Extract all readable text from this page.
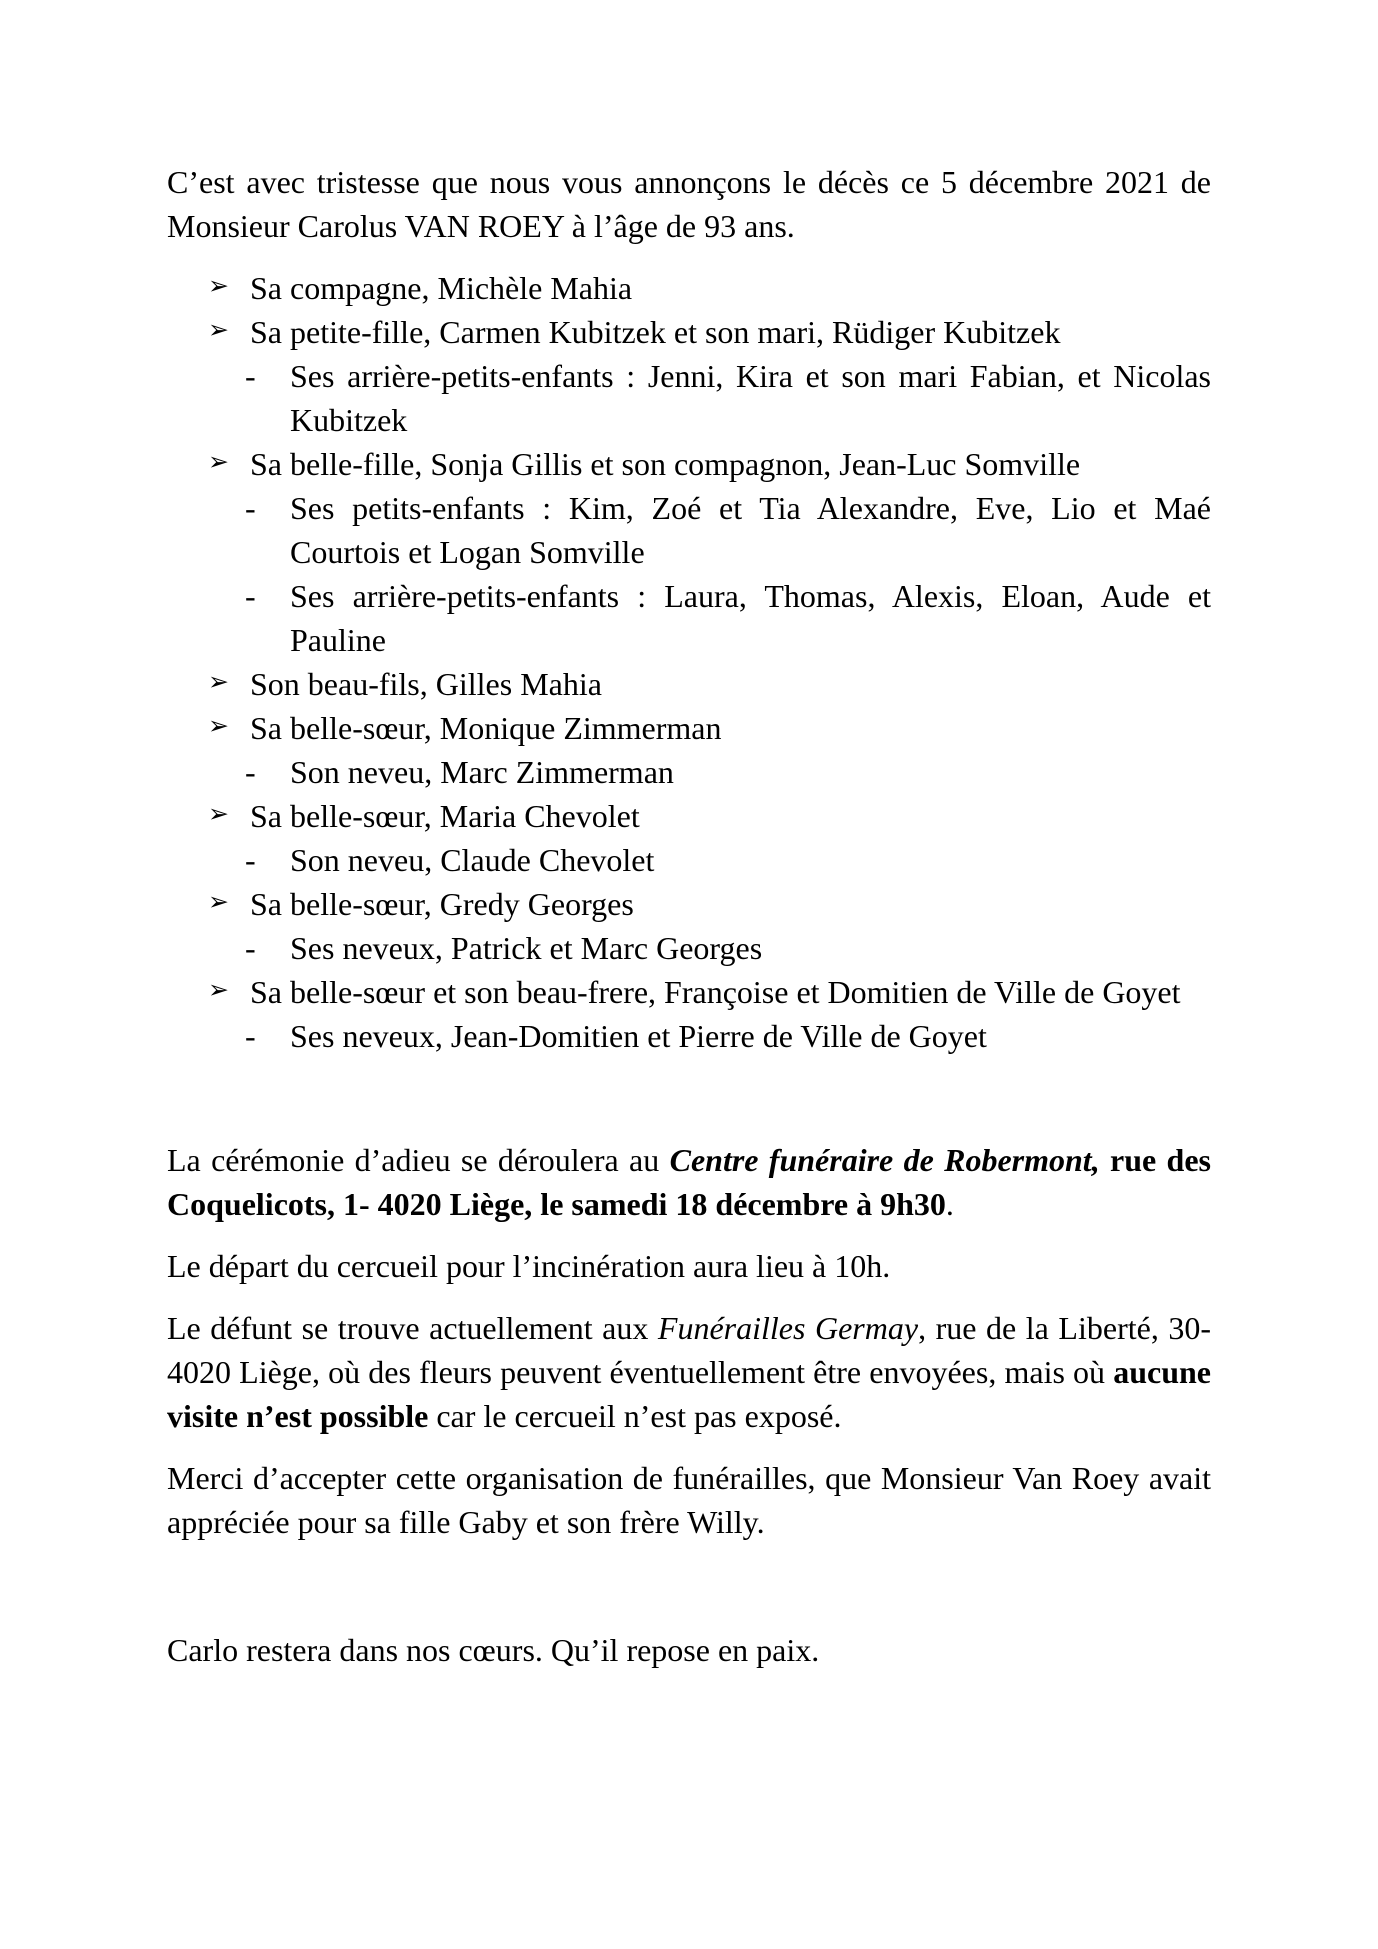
C’est avec tristesse que nous vous annonçons le décès ce 5 décembre 2021 de Monsieur Carolus VAN ROEY à l’âge de 93 ans.

➢ Sa compagne, Michèle Mahia
➢ Sa petite-fille, Carmen Kubitzek et son mari, Rüdiger Kubitzek
- Ses arrière-petits-enfants : Jenni, Kira et son mari Fabian, et Nicolas Kubitzek
➢ Sa belle-fille, Sonja Gillis et son compagnon, Jean-Luc Somville
- Ses petits-enfants : Kim, Zoé et Tia Alexandre, Eve, Lio et Maé Courtois et Logan Somville
- Ses arrière-petits-enfants : Laura, Thomas, Alexis, Eloan, Aude et Pauline
➢ Son beau-fils, Gilles Mahia
➢ Sa belle-sœur, Monique Zimmerman
- Son neveu, Marc Zimmerman
➢ Sa belle-sœur, Maria Chevolet
- Son neveu, Claude Chevolet
➢ Sa belle-sœur, Gredy Georges
- Ses neveux, Patrick et Marc Georges
➢ Sa belle-sœur et son beau-frere, Françoise et Domitien de Ville de Goyet
- Ses neveux, Jean-Domitien et Pierre de Ville de Goyet

La cérémonie d’adieu se déroulera au Centre funéraire de Robermont, rue des Coquelicots, 1- 4020 Liège, le samedi 18 décembre à 9h30.

Le départ du cercueil pour l’incinération aura lieu à 10h.

Le défunt se trouve actuellement aux Funérailles Germay, rue de la Liberté, 30- 4020 Liège, où des fleurs peuvent éventuellement être envoyées, mais où aucune visite n’est possible car le cercueil n’est pas exposé.

Merci d’accepter cette organisation de funérailles, que Monsieur Van Roey avait appréciée pour sa fille Gaby et son frère Willy.

Carlo restera dans nos cœurs. Qu’il repose en paix.
